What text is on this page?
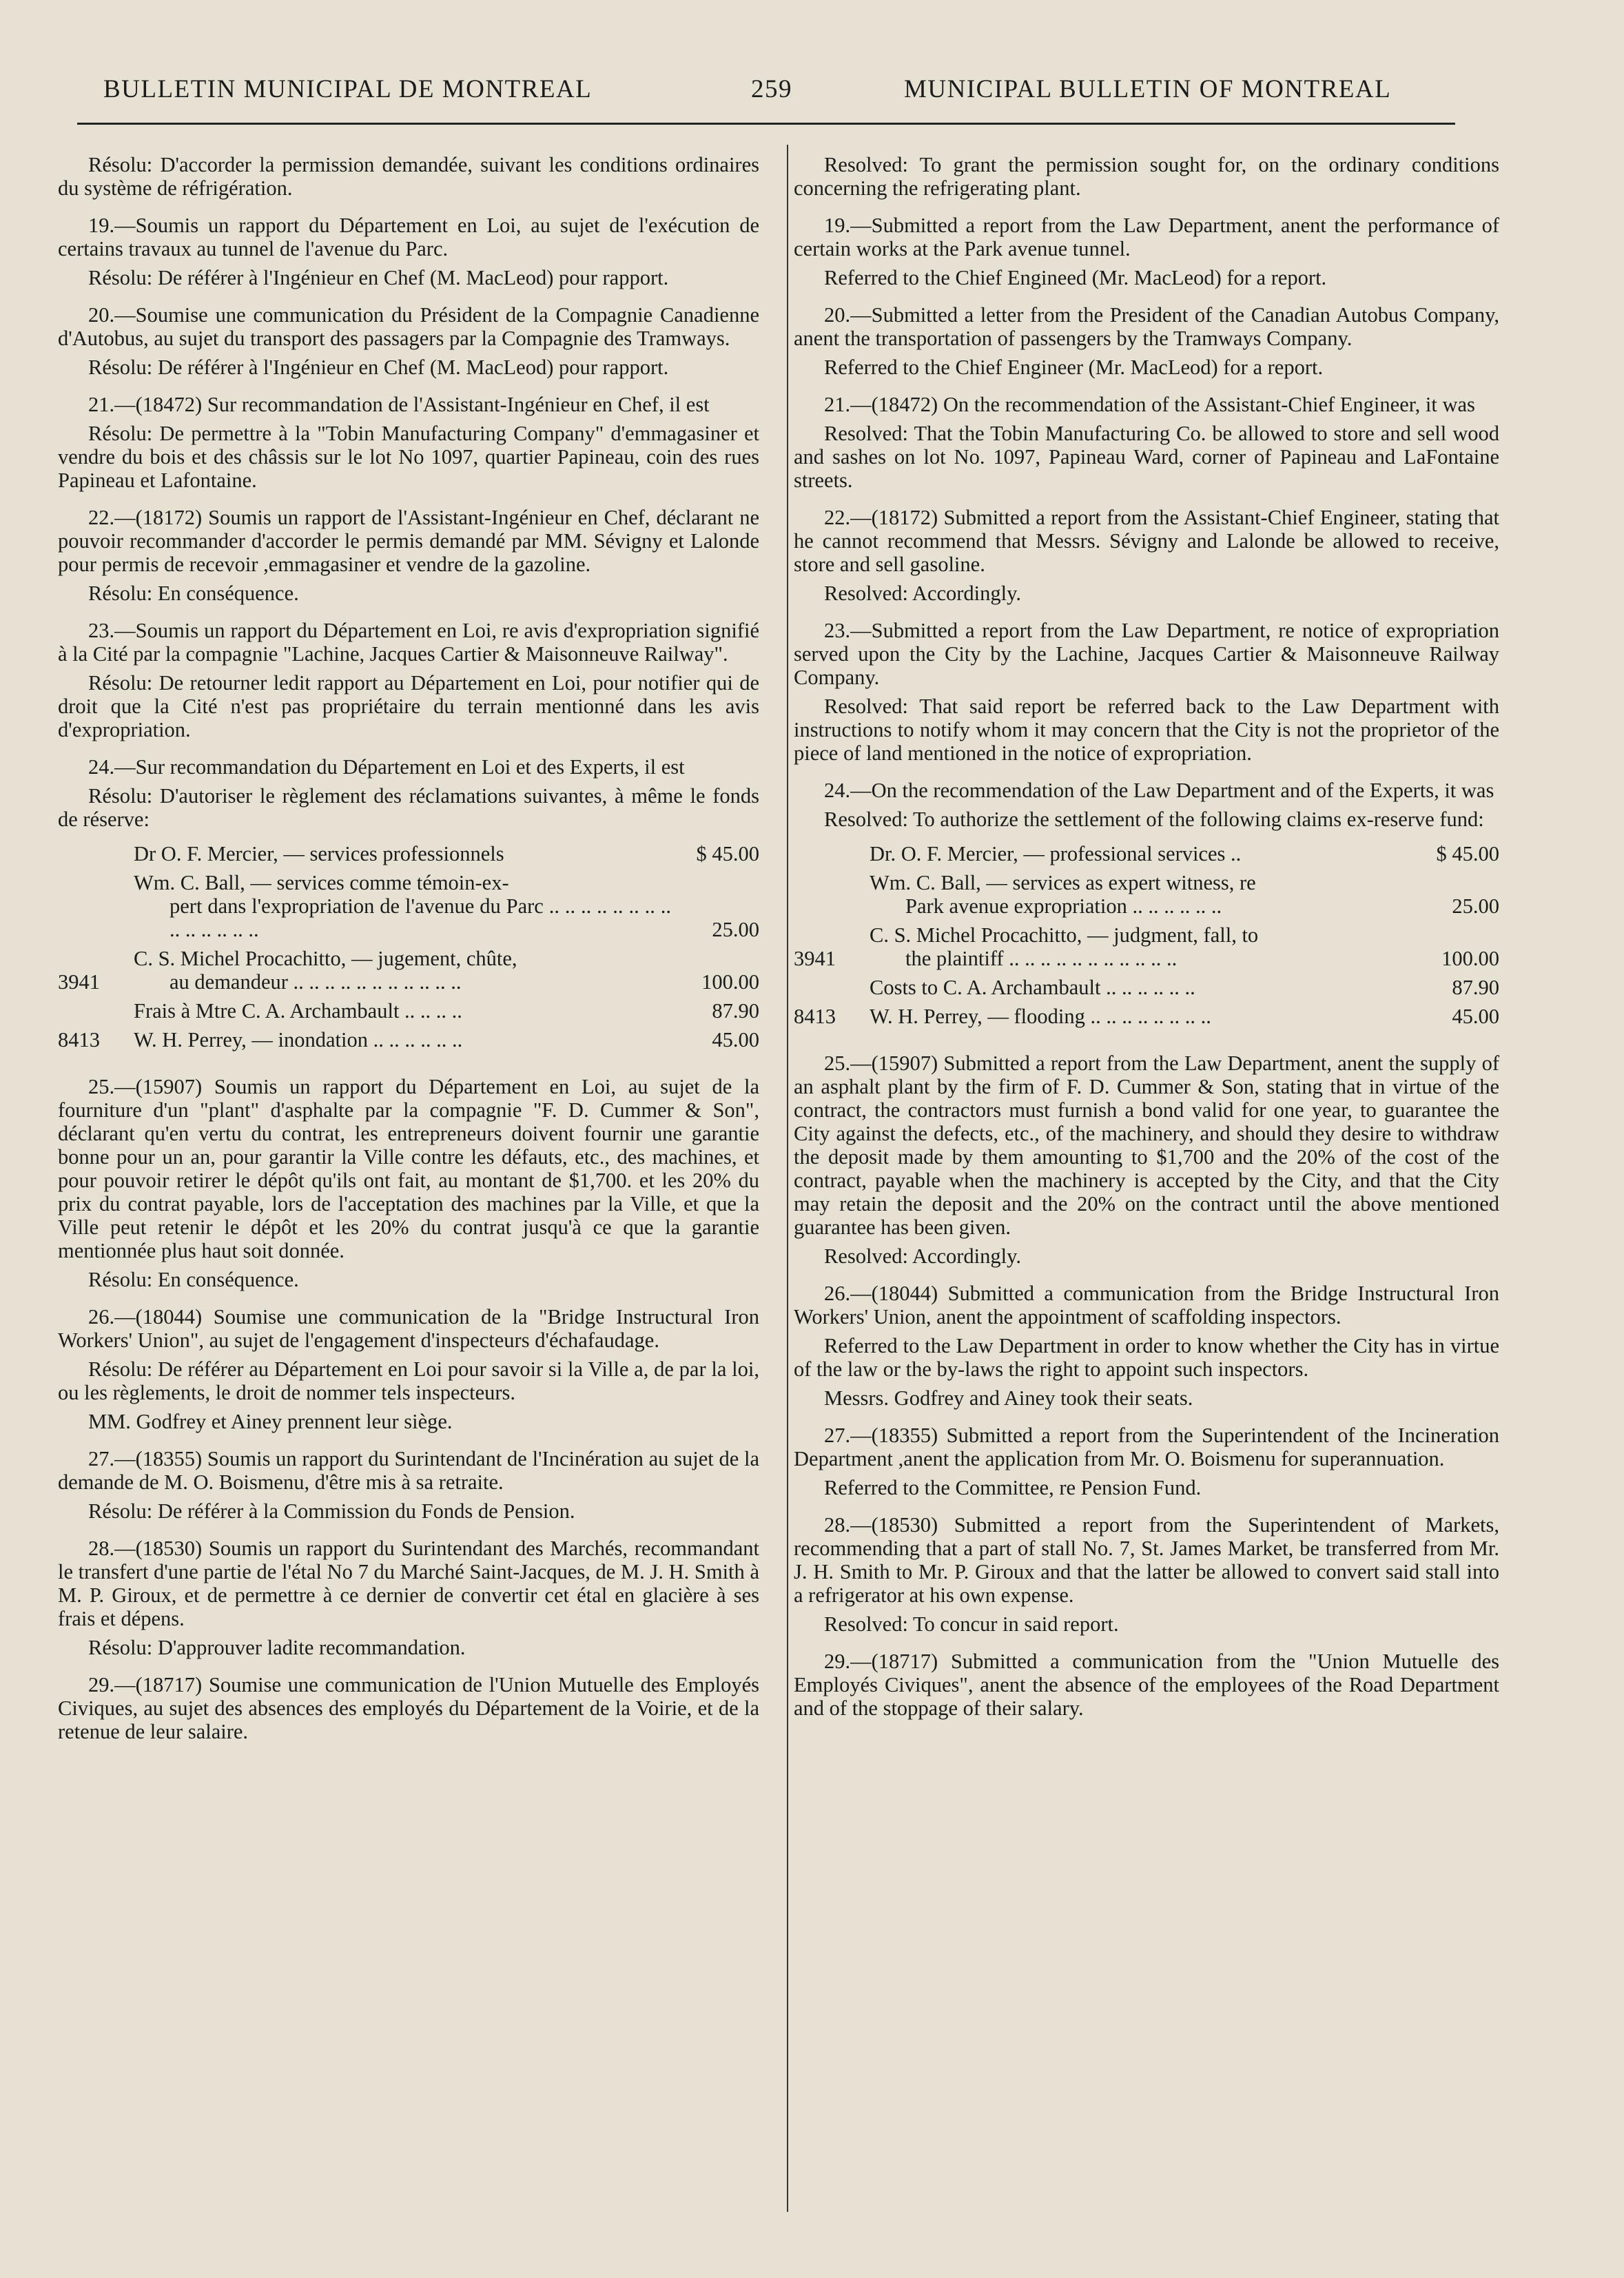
BULLETIN MUNICIPAL DE MONTREAL	259	MUNICIPAL BULLETIN OF MONTREAL

Résolu: D'accorder la permission demandée, suivant les conditions ordinaires du système de réfrigération.

19.—Soumis un rapport du Département en Loi, au sujet de l'exécution de certains travaux au tunnel de l'avenue du Parc.

Résolu: De référer à l'Ingénieur en Chef (M. MacLeod) pour rapport.

20.—Soumise une communication du Président de la Compagnie Canadienne d'Autobus, au sujet du transport des passagers par la Compagnie des Tramways.

Résolu: De référer à l'Ingénieur en Chef (M. MacLeod) pour rapport.

21.—(18472) Sur recommandation de l'Assistant-Ingénieur en Chef, il est

Résolu: De permettre à la "Tobin Manufacturing Company" d'emmagasiner et vendre du bois et des châssis sur le lot No 1097, quartier Papineau, coin des rues Papineau et Lafontaine.

22.—(18172) Soumis un rapport de l'Assistant-Ingénieur en Chef, déclarant ne pouvoir recommander d'accorder le permis demandé par MM. Sévigny et Lalonde pour permis de recevoir ,emmagasiner et vendre de la gazoline.

Résolu: En conséquence.

23.—Soumis un rapport du Département en Loi, re avis d'expropriation signifié à la Cité par la compagnie "Lachine, Jacques Cartier & Maisonneuve Railway".

Résolu: De retourner ledit rapport au Département en Loi, pour notifier qui de droit que la Cité n'est pas propriétaire du terrain mentionné dans les avis d'expropriation.

24.—Sur recommandation du Département en Loi et des Experts, il est

Résolu: D'autoriser le règlement des réclamations suivantes, à même le fonds de réserve:

	Dr O. F. Mercier, — services professionnels	$ 45.00
	Wm. C. Ball, — services comme témoin-ex-
pert dans l'expropriation de l'avenue du Parc .. .. .. .. .. .. .. .. .. .. .. .. .. ..	25.00
3941	C. S. Michel Procachitto, — jugement, chûte,
au demandeur .. .. .. .. .. .. .. .. .. .. ..	100.00
	Frais à Mtre C. A. Archambault .. .. .. ..	87.90
8413	W. H. Perrey, — inondation .. .. .. .. .. ..	45.00

25.—(15907) Soumis un rapport du Département en Loi, au sujet de la fourniture d'un "plant" d'asphalte par la compagnie "F. D. Cummer & Son", déclarant qu'en vertu du contrat, les entrepreneurs doivent fournir une garantie bonne pour un an, pour garantir la Ville contre les défauts, etc., des machines, et pour pouvoir retirer le dépôt qu'ils ont fait, au montant de $1,700. et les 20% du prix du contrat payable, lors de l'acceptation des machines par la Ville, et que la Ville peut retenir le dépôt et les 20% du contrat jusqu'à ce que la garantie mentionnée plus haut soit donnée.

Résolu: En conséquence.

26.—(18044) Soumise une communication de la "Bridge Instructural Iron Workers' Union", au sujet de l'engagement d'inspecteurs d'échafaudage.

Résolu: De référer au Département en Loi pour savoir si la Ville a, de par la loi, ou les règlements, le droit de nommer tels inspecteurs.

MM. Godfrey et Ainey prennent leur siège.

27.—(18355) Soumis un rapport du Surintendant de l'Incinération au sujet de la demande de M. O. Boismenu, d'être mis à sa retraite.

Résolu: De référer à la Commission du Fonds de Pension.

28.—(18530) Soumis un rapport du Surintendant des Marchés, recommandant le transfert d'une partie de l'étal No 7 du Marché Saint-Jacques, de M. J. H. Smith à M. P. Giroux, et de permettre à ce dernier de convertir cet étal en glacière à ses frais et dépens.

Résolu: D'approuver ladite recommandation.

29.—(18717) Soumise une communication de l'Union Mutuelle des Employés Civiques, au sujet des absences des employés du Département de la Voirie, et de la retenue de leur salaire.

Resolved: To grant the permission sought for, on the ordinary conditions concerning the refrigerating plant.

19.—Submitted a report from the Law Department, anent the performance of certain works at the Park avenue tunnel.

Referred to the Chief Engineed (Mr. MacLeod) for a report.

20.—Submitted a letter from the President of the Canadian Autobus Company, anent the transportation of passengers by the Tramways Company.

Referred to the Chief Engineer (Mr. MacLeod) for a report.

21.—(18472) On the recommendation of the Assistant-Chief Engineer, it was

Resolved: That the Tobin Manufacturing Co. be allowed to store and sell wood and sashes on lot No. 1097, Papineau Ward, corner of Papineau and LaFontaine streets.

22.—(18172) Submitted a report from the Assistant-Chief Engineer, stating that he cannot recommend that Messrs. Sévigny and Lalonde be allowed to receive, store and sell gasoline.

Resolved: Accordingly.

23.—Submitted a report from the Law Department, re notice of expropriation served upon the City by the Lachine, Jacques Cartier & Maisonneuve Railway Company.

Resolved: That said report be referred back to the Law Department with instructions to notify whom it may concern that the City is not the proprietor of the piece of land mentioned in the notice of expropriation.

24.—On the recommendation of the Law Department and of the Experts, it was

Resolved: To authorize the settlement of the following claims ex-reserve fund:

	Dr. O. F. Mercier, — professional services ..	$ 45.00
	Wm. C. Ball, — services as expert witness, re
Park avenue expropriation .. .. .. .. .. ..	25.00
3941	C. S. Michel Procachitto, — judgment, fall, to
the plaintiff .. .. .. .. .. .. .. .. .. .. ..	100.00
	Costs to C. A. Archambault .. .. .. .. .. ..	87.90
8413	W. H. Perrey, — flooding .. .. .. .. .. .. .. ..	45.00

25.—(15907) Submitted a report from the Law Department, anent the supply of an asphalt plant by the firm of F. D. Cummer & Son, stating that in virtue of the contract, the contractors must furnish a bond valid for one year, to guarantee the City against the defects, etc., of the machinery, and should they desire to withdraw the deposit made by them amounting to $1,700 and the 20% of the cost of the contract, payable when the machinery is accepted by the City, and that the City may retain the deposit and the 20% on the contract until the above mentioned guarantee has been given.

Resolved: Accordingly.

26.—(18044) Submitted a communication from the Bridge Instructural Iron Workers' Union, anent the appointment of scaffolding inspectors.

Referred to the Law Department in order to know whether the City has in virtue of the law or the by-laws the right to appoint such inspectors.

Messrs. Godfrey and Ainey took their seats.

27.—(18355) Submitted a report from the Superintendent of the Incineration Department ,anent the application from Mr. O. Boismenu for superannuation.

Referred to the Committee, re Pension Fund.

28.—(18530) Submitted a report from the Superintendent of Markets, recommending that a part of stall No. 7, St. James Market, be transferred from Mr. J. H. Smith to Mr. P. Giroux and that the latter be allowed to convert said stall into a refrigerator at his own expense.

Resolved: To concur in said report.

29.—(18717) Submitted a communication from the "Union Mutuelle des Employés Civiques", anent the absence of the employees of the Road Department and of the stoppage of their salary.
